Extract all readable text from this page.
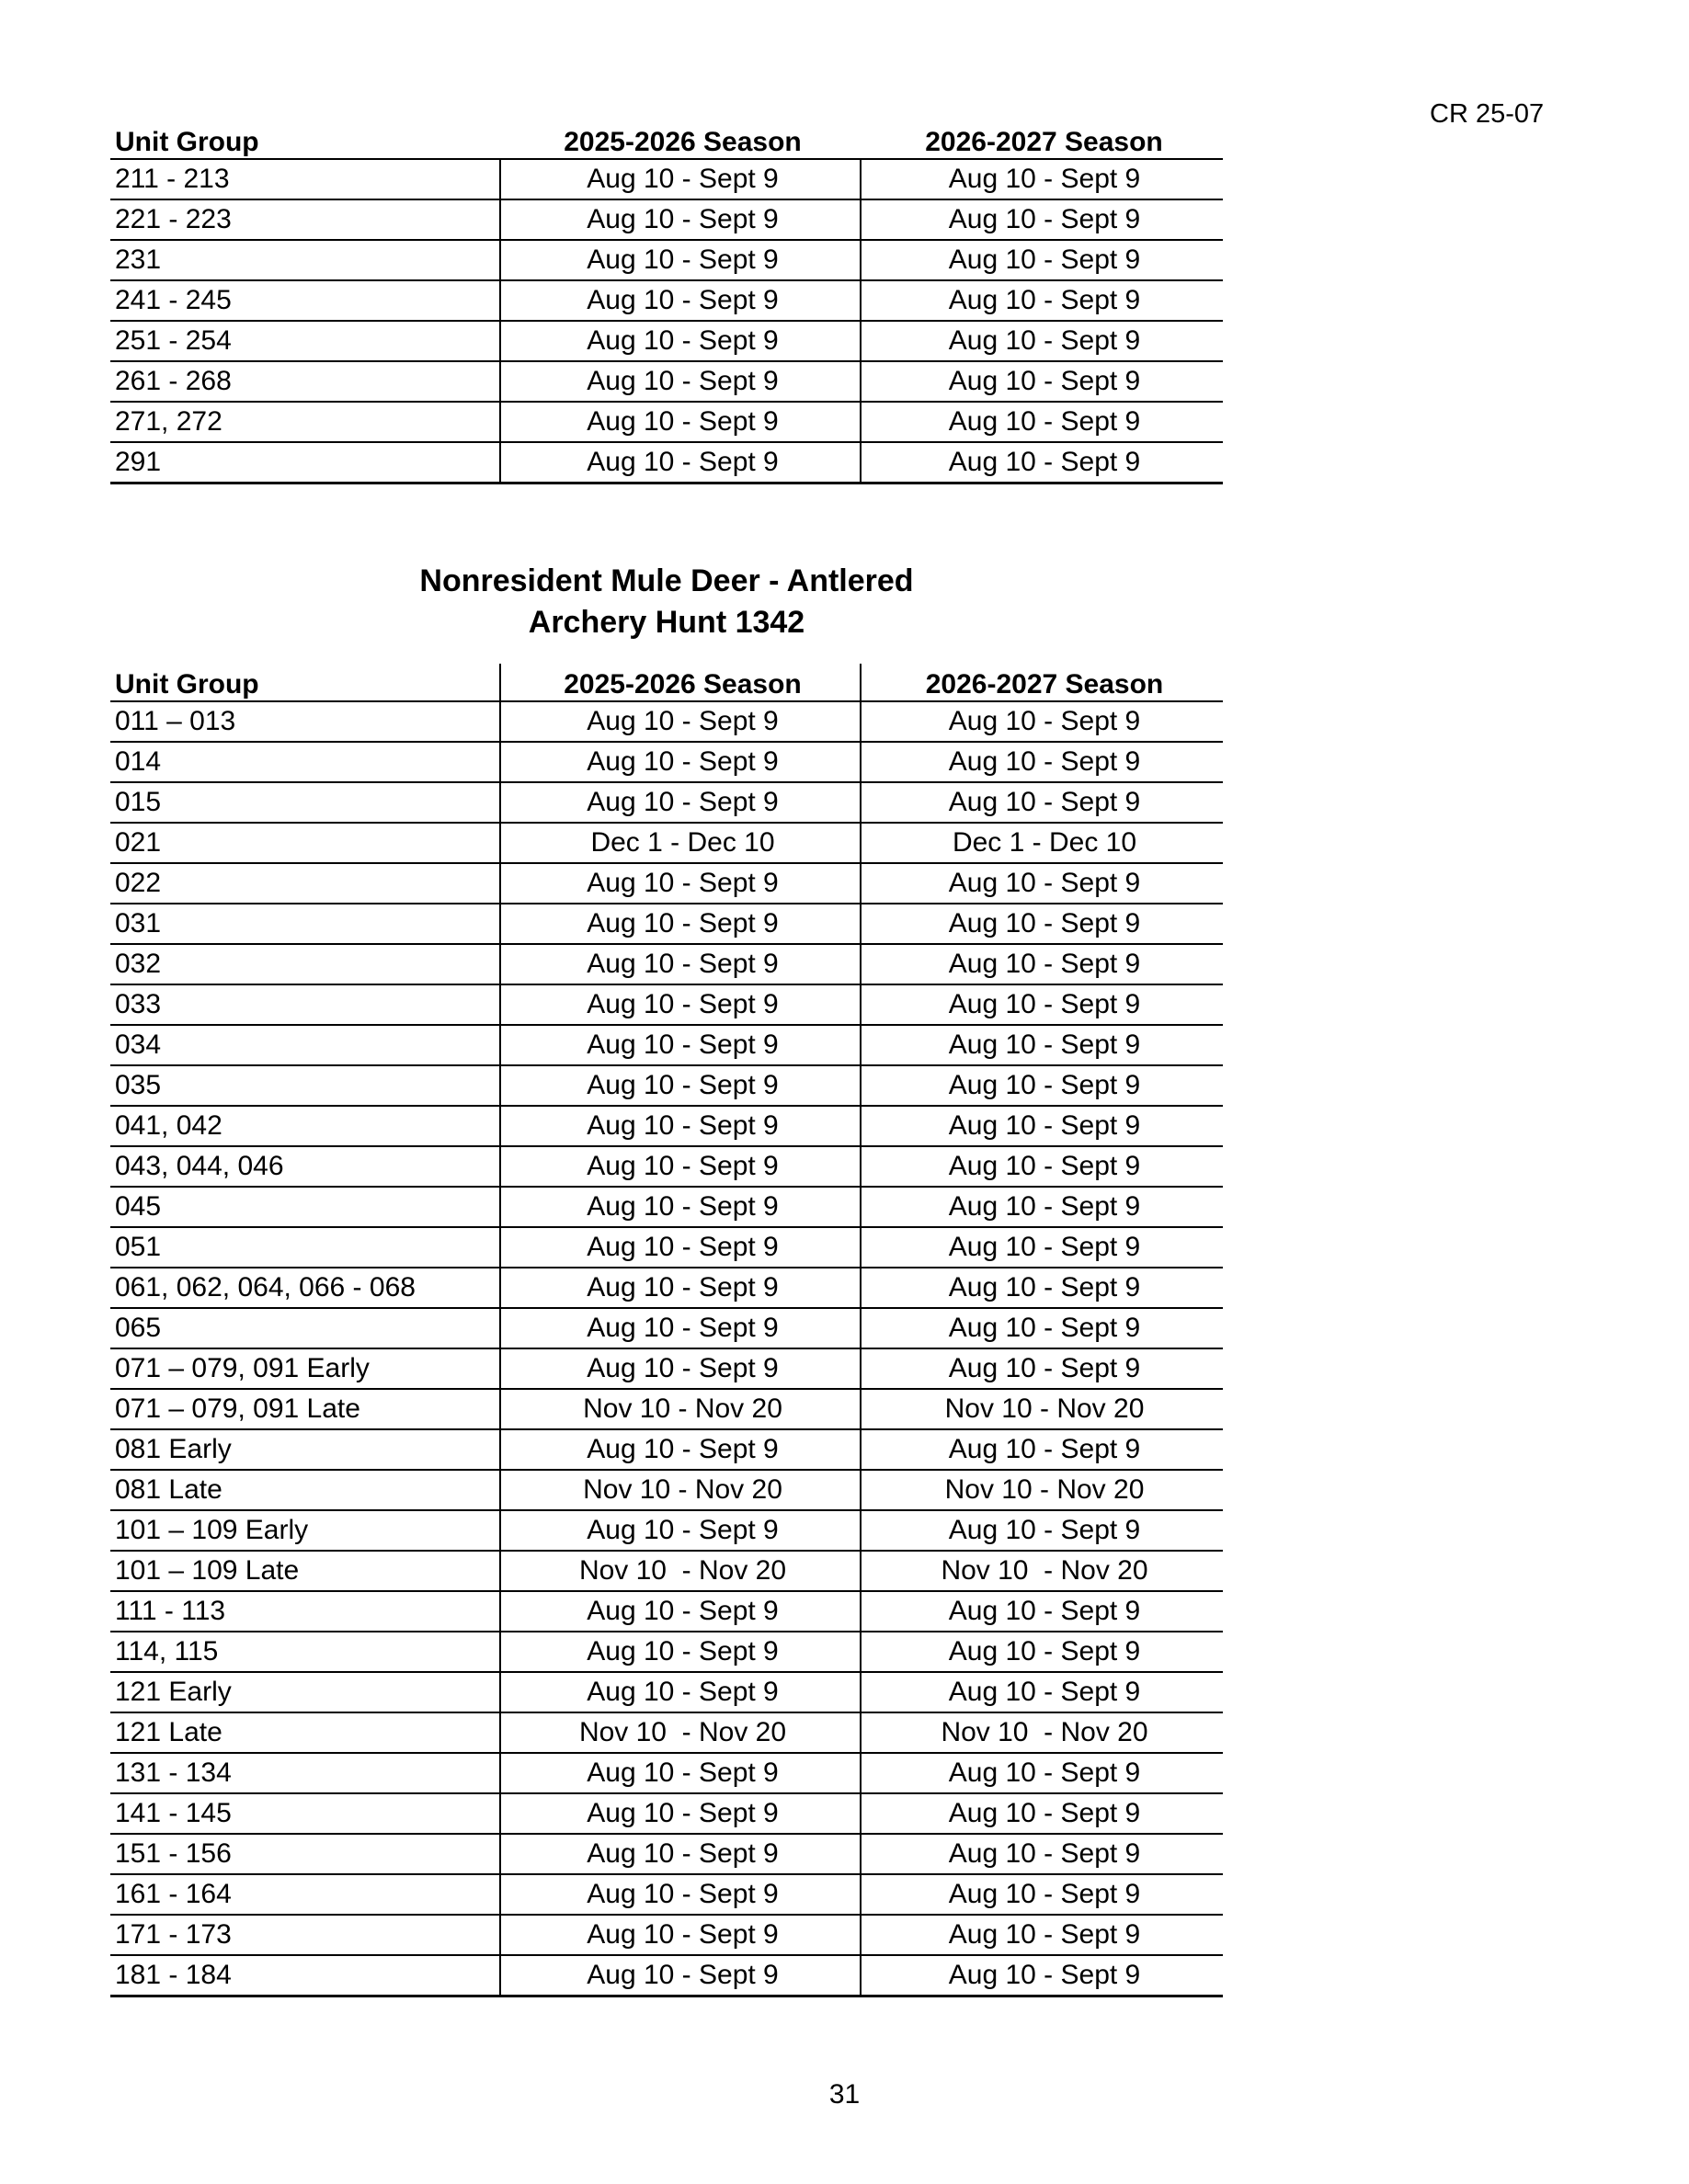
CR 25-07
Unit Group	2025-2026 Season	2026-2027 Season
211 - 213	Aug 10 - Sept 9	Aug 10 - Sept 9
221 - 223	Aug 10 - Sept 9	Aug 10 - Sept 9
231	Aug 10 - Sept 9	Aug 10 - Sept 9
241 - 245	Aug 10 - Sept 9	Aug 10 - Sept 9
251 - 254	Aug 10 - Sept 9	Aug 10 - Sept 9
261 - 268	Aug 10 - Sept 9	Aug 10 - Sept 9
271, 272	Aug 10 - Sept 9	Aug 10 - Sept 9
291	Aug 10 - Sept 9	Aug 10 - Sept 9
Nonresident Mule Deer - Antlered
Archery Hunt 1342
Unit Group	2025-2026 Season	2026-2027 Season
011 – 013	Aug 10 - Sept 9	Aug 10 - Sept 9
014	Aug 10 - Sept 9	Aug 10 - Sept 9
015	Aug 10 - Sept 9	Aug 10 - Sept 9
021	Dec 1 - Dec 10	Dec 1 - Dec 10
022	Aug 10 - Sept 9	Aug 10 - Sept 9
031	Aug 10 - Sept 9	Aug 10 - Sept 9
032	Aug 10 - Sept 9	Aug 10 - Sept 9
033	Aug 10 - Sept 9	Aug 10 - Sept 9
034	Aug 10 - Sept 9	Aug 10 - Sept 9
035	Aug 10 - Sept 9	Aug 10 - Sept 9
041, 042	Aug 10 - Sept 9	Aug 10 - Sept 9
043, 044, 046	Aug 10 - Sept 9	Aug 10 - Sept 9
045	Aug 10 - Sept 9	Aug 10 - Sept 9
051	Aug 10 - Sept 9	Aug 10 - Sept 9
061, 062, 064, 066 - 068	Aug 10 - Sept 9	Aug 10 - Sept 9
065	Aug 10 - Sept 9	Aug 10 - Sept 9
071 – 079, 091 Early	Aug 10 - Sept 9	Aug 10 - Sept 9
071 – 079, 091 Late	Nov 10 - Nov 20	Nov 10 - Nov 20
081 Early	Aug 10 - Sept 9	Aug 10 - Sept 9
081 Late	Nov 10 - Nov 20	Nov 10 - Nov 20
101 – 109 Early	Aug 10 - Sept 9	Aug 10 - Sept 9
101 – 109 Late	Nov 10  - Nov 20	Nov 10  - Nov 20
111 - 113	Aug 10 - Sept 9	Aug 10 - Sept 9
114, 115	Aug 10 - Sept 9	Aug 10 - Sept 9
121 Early	Aug 10 - Sept 9	Aug 10 - Sept 9
121 Late	Nov 10  - Nov 20	Nov 10  - Nov 20
131 - 134	Aug 10 - Sept 9	Aug 10 - Sept 9
141 - 145	Aug 10 - Sept 9	Aug 10 - Sept 9
151 - 156	Aug 10 - Sept 9	Aug 10 - Sept 9
161 - 164	Aug 10 - Sept 9	Aug 10 - Sept 9
171 - 173	Aug 10 - Sept 9	Aug 10 - Sept 9
181 - 184	Aug 10 - Sept 9	Aug 10 - Sept 9
31
